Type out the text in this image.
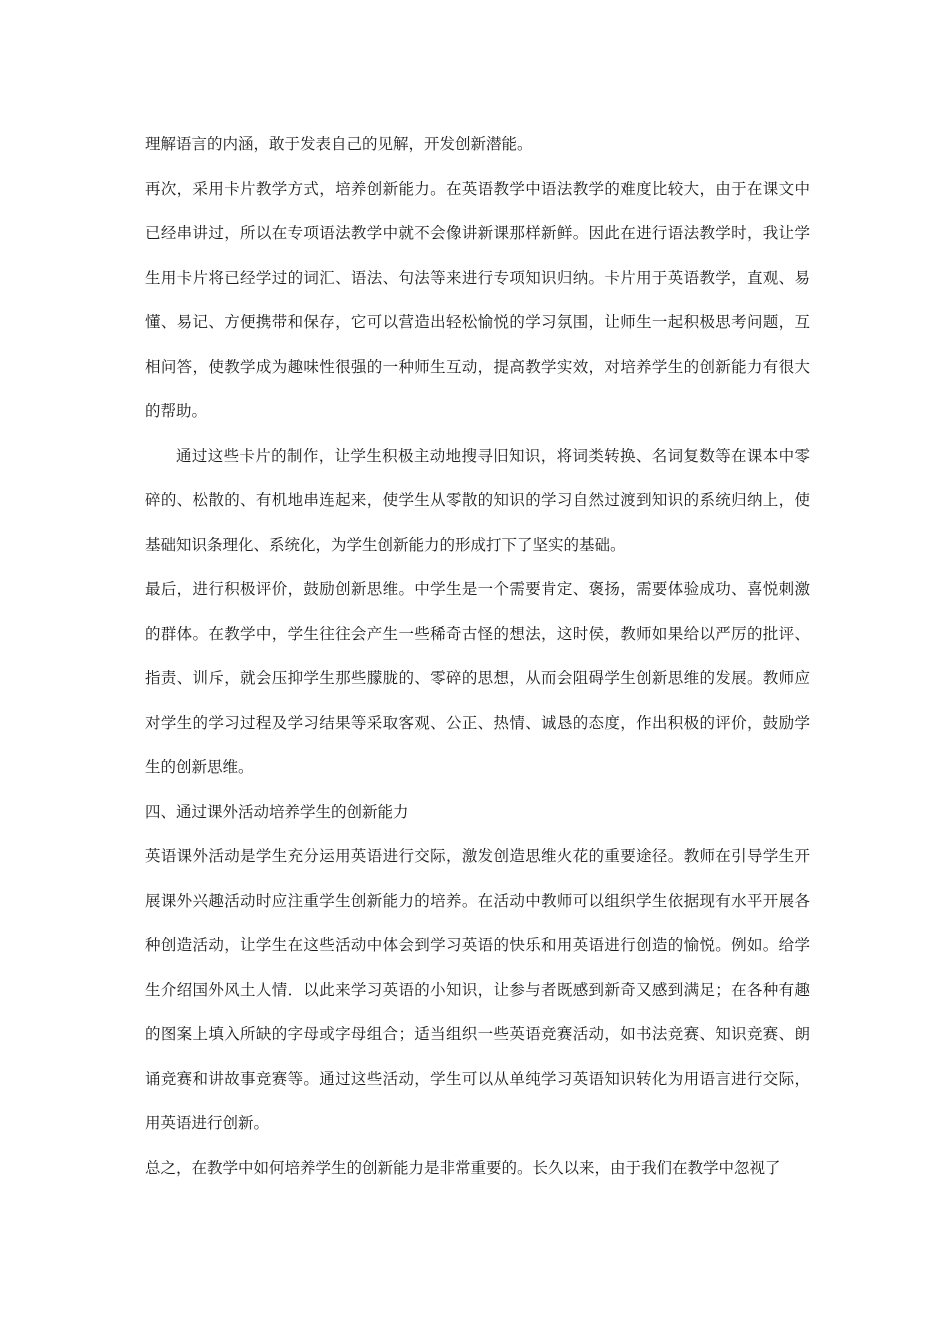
理解语言的内涵，敢于发表自己的见解，开发创新潜能。

再次，采用卡片教学方式，培养创新能力。在英语教学中语法教学的难度比较大，由于在课文中已经串讲过，所以在专项语法教学中就不会像讲新课那样新鲜。因此在进行语法教学时，我让学生用卡片将已经学过的词汇、语法、句法等来进行专项知识归纳。卡片用于英语教学，直观、易懂、易记、方便携带和保存，它可以营造出轻松愉悦的学习氛围，让师生一起积极思考问题，互相问答，使教学成为趣味性很强的一种师生互动，提高教学实效，对培养学生的创新能力有很大的帮助。

通过这些卡片的制作，让学生积极主动地搜寻旧知识，将词类转换、名词复数等在课本中零碎的、松散的、有机地串连起来，使学生从零散的知识的学习自然过渡到知识的系统归纳上，使基础知识条理化、系统化，为学生创新能力的形成打下了坚实的基础。

最后，进行积极评价，鼓励创新思维。中学生是一个需要肯定、褒扬，需要体验成功、喜悦刺激的群体。在教学中，学生往往会产生一些稀奇古怪的想法，这时侯，教师如果给以严厉的批评、指责、训斥，就会压抑学生那些朦胧的、零碎的思想，从而会阻碍学生创新思维的发展。教师应对学生的学习过程及学习结果等采取客观、公正、热情、诚恳的态度，作出积极的评价，鼓励学生的创新思维。

四、通过课外活动培养学生的创新能力

英语课外活动是学生充分运用英语进行交际，激发创造思维火花的重要途径。教师在引导学生开展课外兴趣活动时应注重学生创新能力的培养。在活动中教师可以组织学生依据现有水平开展各种创造活动，让学生在这些活动中体会到学习英语的快乐和用英语进行创造的愉悦。例如。给学生介绍国外风土人情．以此来学习英语的小知识，让参与者既感到新奇又感到满足；在各种有趣的图案上填入所缺的字母或字母组合；适当组织一些英语竞赛活动，如书法竞赛、知识竞赛、朗诵竞赛和讲故事竞赛等。通过这些活动，学生可以从单纯学习英语知识转化为用语言进行交际，用英语进行创新。

总之，在教学中如何培养学生的创新能力是非常重要的。长久以来，由于我们在教学中忽视了
